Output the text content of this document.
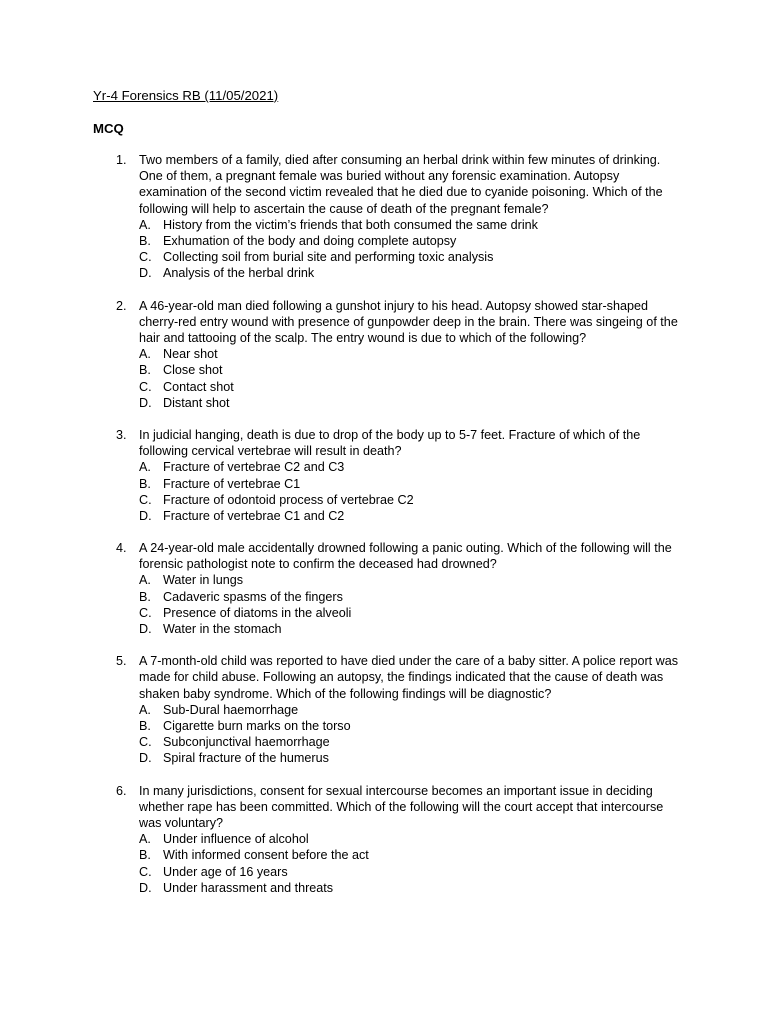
Yr-4 Forensics RB (11/05/2021)
MCQ
1. Two members of a family, died after consuming an herbal drink within few minutes of drinking. One of them, a pregnant female was buried without any forensic examination. Autopsy examination of the second victim revealed that he died due to cyanide poisoning. Which of the following will help to ascertain the cause of death of the pregnant female?

A. History from the victim’s friends that both consumed the same drink
B. Exhumation of the body and doing complete autopsy
C. Collecting soil from burial site and performing toxic analysis
D. Analysis of the herbal drink
2. A 46-year-old man died following a gunshot injury to his head. Autopsy showed star-shaped cherry-red entry wound with presence of gunpowder deep in the brain. There was singeing of the hair and tattooing of the scalp. The entry wound is due to which of the following?

A. Near shot
B. Close shot
C. Contact shot
D. Distant shot
3. In judicial hanging, death is due to drop of the body up to 5-7 feet. Fracture of which of the following cervical vertebrae will result in death?

A. Fracture of vertebrae C2 and C3
B. Fracture of vertebrae C1
C. Fracture of odontoid process of vertebrae C2
D. Fracture of vertebrae C1 and C2
4. A 24-year-old male accidentally drowned following a panic outing. Which of the following will the forensic pathologist note to confirm the deceased had drowned?

A. Water in lungs
B. Cadaveric spasms of the fingers
C. Presence of diatoms in the alveoli
D. Water in the stomach
5. A 7-month-old child was reported to have died under the care of a baby sitter. A police report was made for child abuse. Following an autopsy, the findings indicated that the cause of death was shaken baby syndrome. Which of the following findings will be diagnostic?

A. Sub-Dural haemorrhage
B. Cigarette burn marks on the torso
C. Subconjunctival haemorrhage
D. Spiral fracture of the humerus
6. In many jurisdictions, consent for sexual intercourse becomes an important issue in deciding whether rape has been committed. Which of the following will the court accept that intercourse was voluntary?

A. Under influence of alcohol
B. With informed consent before the act
C. Under age of 16 years
D. Under harassment and threats
